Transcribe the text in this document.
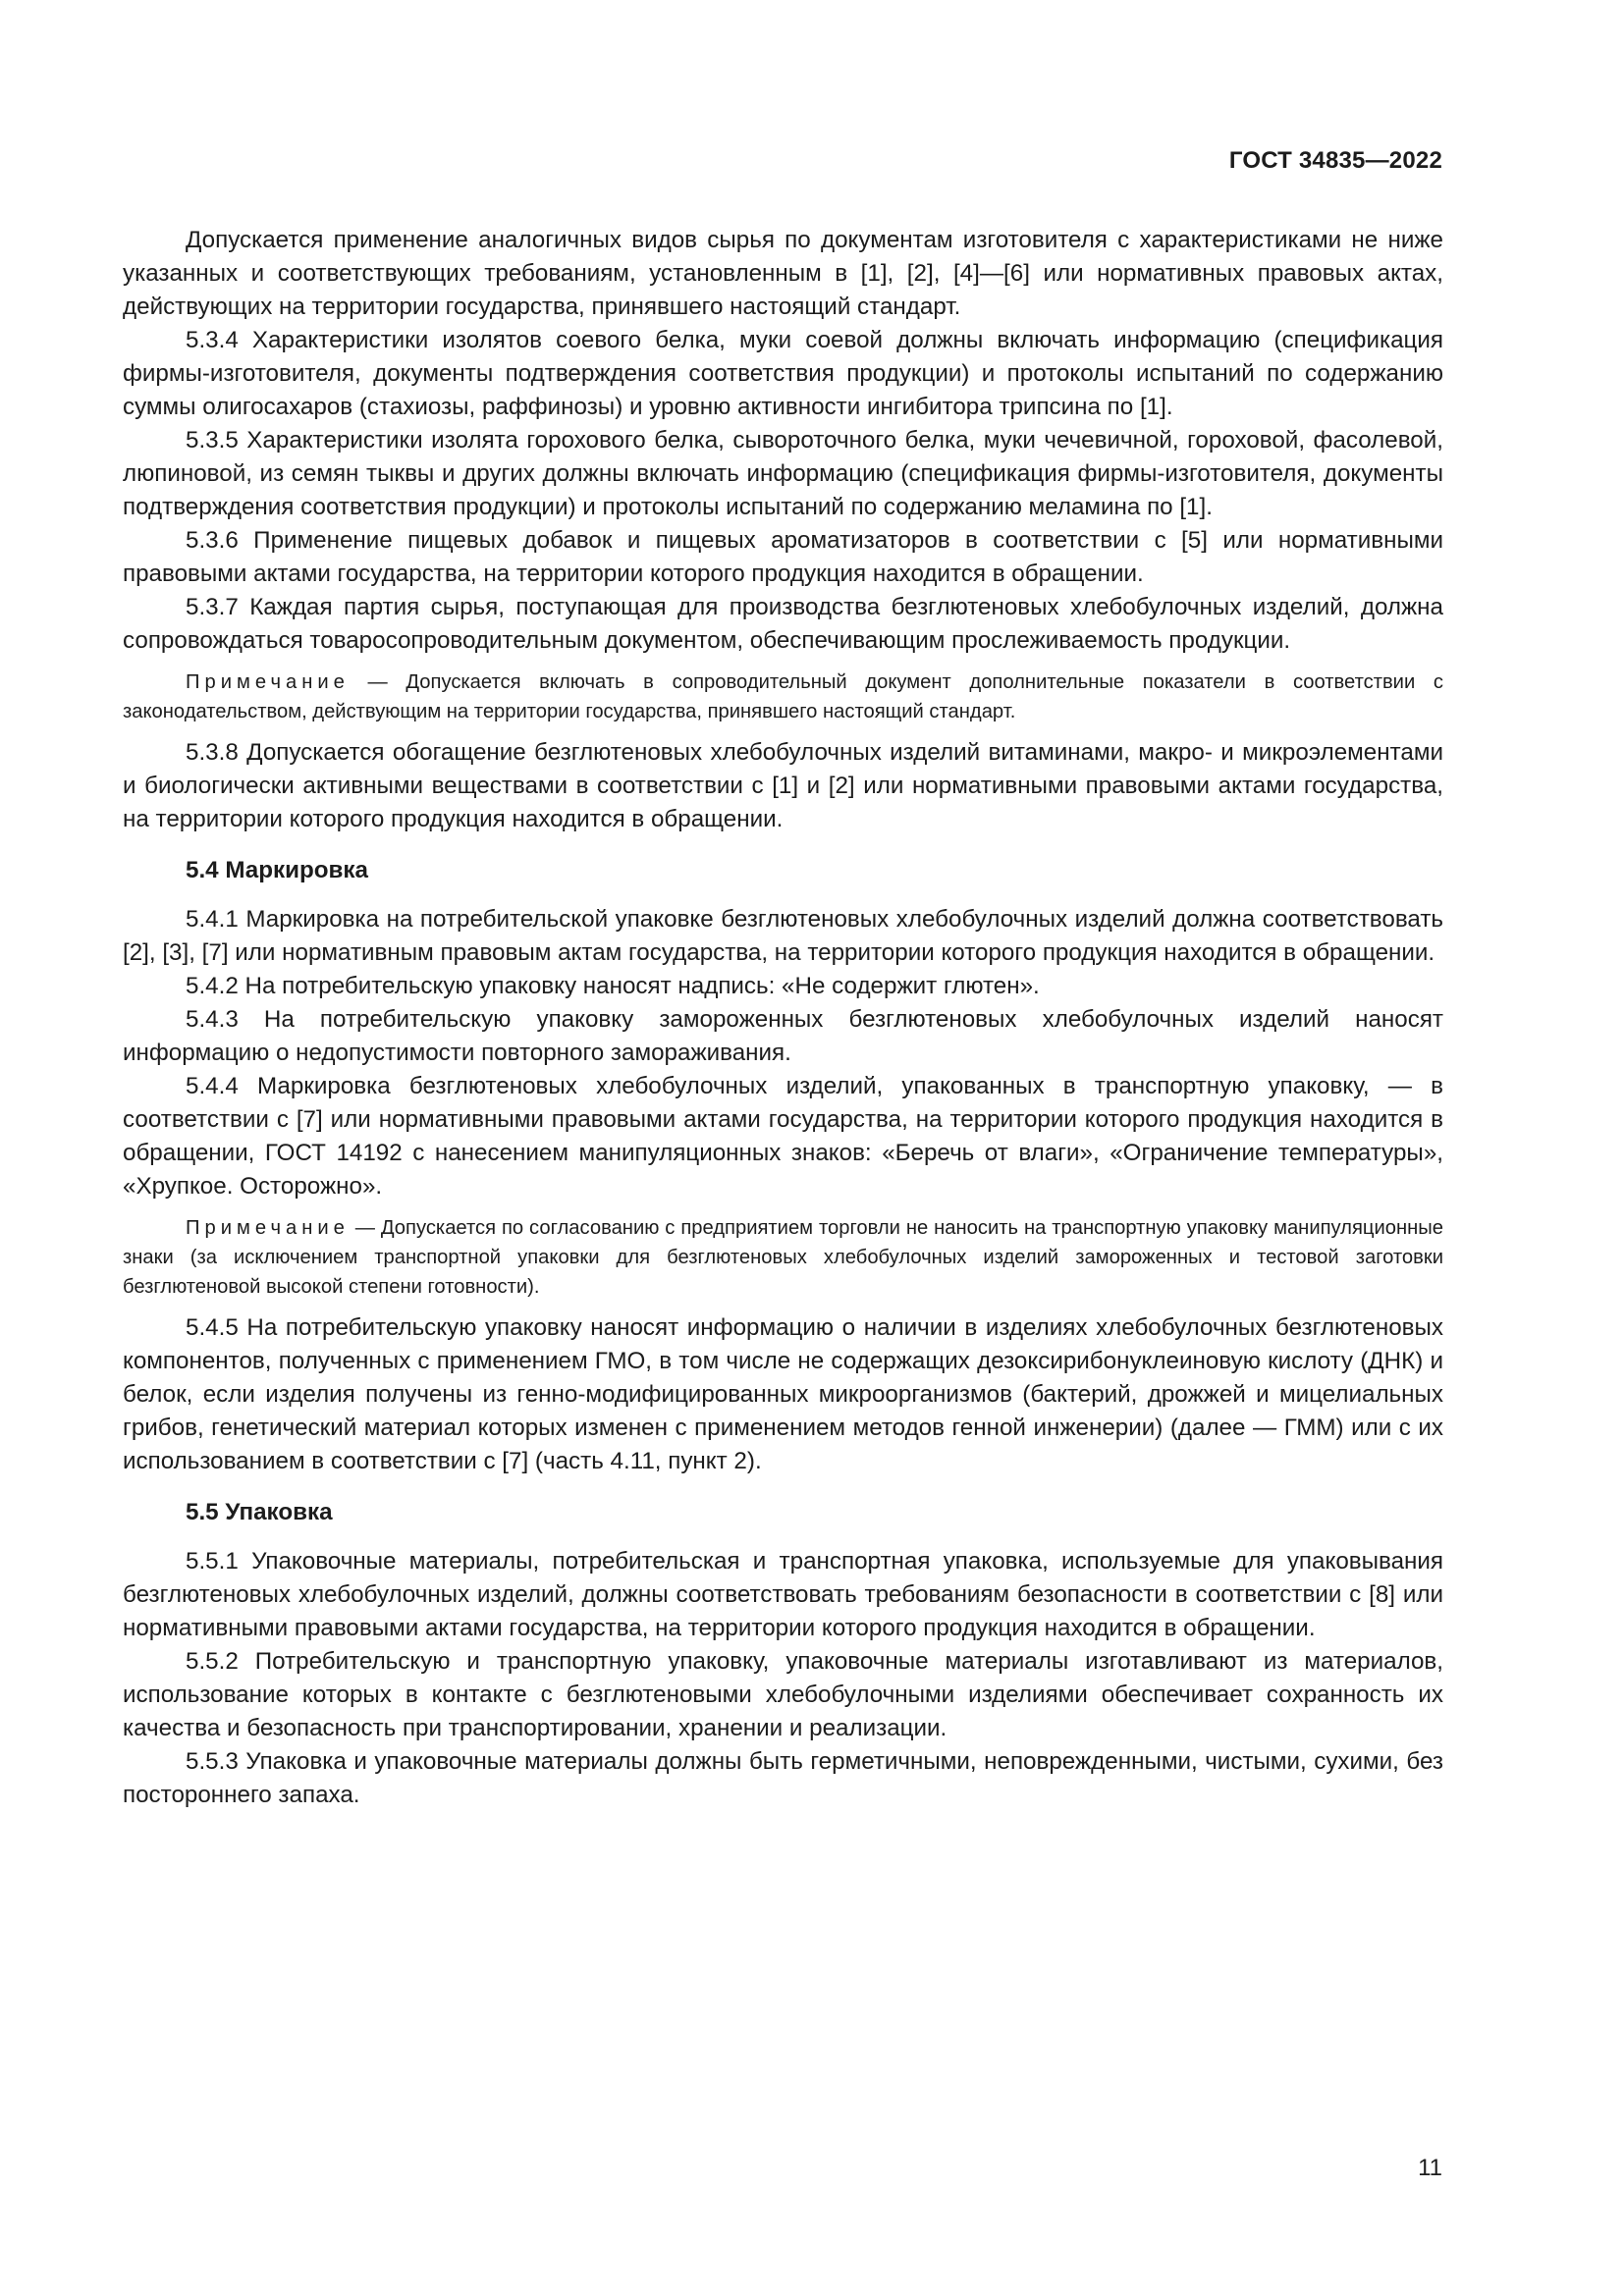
ГОСТ 34835—2022

Допускается применение аналогичных видов сырья по документам изготовителя с характеристиками не ниже указанных и соответствующих требованиям, установленным в [1], [2], [4]—[6] или нормативных правовых актах, действующих на территории государства, принявшего настоящий стандарт.

5.3.4 Характеристики изолятов соевого белка, муки соевой должны включать информацию (спецификация фирмы-изготовителя, документы подтверждения соответствия продукции) и протоколы испытаний по содержанию суммы олигосахаров (стахиозы, раффинозы) и уровню активности ингибитора трипсина по [1].

5.3.5 Характеристики изолята горохового белка, сывороточного белка, муки чечевичной, гороховой, фасолевой, люпиновой, из семян тыквы и других должны включать информацию (спецификация фирмы-изготовителя, документы подтверждения соответствия продукции) и протоколы испытаний по содержанию меламина по [1].

5.3.6 Применение пищевых добавок и пищевых ароматизаторов в соответствии с [5] или нормативными правовыми актами государства, на территории которого продукция находится в обращении.

5.3.7 Каждая партия сырья, поступающая для производства безглютеновых хлебобулочных изделий, должна сопровождаться товаросопроводительным документом, обеспечивающим прослеживаемость продукции.

Примечание — Допускается включать в сопроводительный документ дополнительные показатели в соответствии с законодательством, действующим на территории государства, принявшего настоящий стандарт.

5.3.8 Допускается обогащение безглютеновых хлебобулочных изделий витаминами, макро- и микроэлементами и биологически активными веществами в соответствии с [1] и [2] или нормативными правовыми актами государства, на территории которого продукция находится в обращении.

5.4 Маркировка

5.4.1 Маркировка на потребительской упаковке безглютеновых хлебобулочных изделий должна соответствовать [2], [3], [7] или нормативным правовым актам государства, на территории которого продукция находится в обращении.

5.4.2 На потребительскую упаковку наносят надпись: «Не содержит глютен».

5.4.3 На потребительскую упаковку замороженных безглютеновых хлебобулочных изделий наносят информацию о недопустимости повторного замораживания.

5.4.4 Маркировка безглютеновых хлебобулочных изделий, упакованных в транспортную упаковку, — в соответствии с [7] или нормативными правовыми актами государства, на территории которого продукция находится в обращении, ГОСТ 14192 с нанесением манипуляционных знаков: «Беречь от влаги», «Ограничение температуры», «Хрупкое. Осторожно».

Примечание — Допускается по согласованию с предприятием торговли не наносить на транспортную упаковку манипуляционные знаки (за исключением транспортной упаковки для безглютеновых хлебобулочных изделий замороженных и тестовой заготовки безглютеновой высокой степени готовности).

5.4.5 На потребительскую упаковку наносят информацию о наличии в изделиях хлебобулочных безглютеновых компонентов, полученных с применением ГМО, в том числе не содержащих дезоксирибонуклеиновую кислоту (ДНК) и белок, если изделия получены из генно-модифицированных микроорганизмов (бактерий, дрожжей и мицелиальных грибов, генетический материал которых изменен с применением методов генной инженерии) (далее — ГММ) или с их использованием в соответствии с [7] (часть 4.11, пункт 2).

5.5 Упаковка

5.5.1 Упаковочные материалы, потребительская и транспортная упаковка, используемые для упаковывания безглютеновых хлебобулочных изделий, должны соответствовать требованиям безопасности в соответствии с [8] или нормативными правовыми актами государства, на территории которого продукция находится в обращении.

5.5.2 Потребительскую и транспортную упаковку, упаковочные материалы изготавливают из материалов, использование которых в контакте с безглютеновыми хлебобулочными изделиями обеспечивает сохранность их качества и безопасность при транспортировании, хранении и реализации.

5.5.3 Упаковка и упаковочные материалы должны быть герметичными, неповрежденными, чистыми, сухими, без постороннего запаха.

11
